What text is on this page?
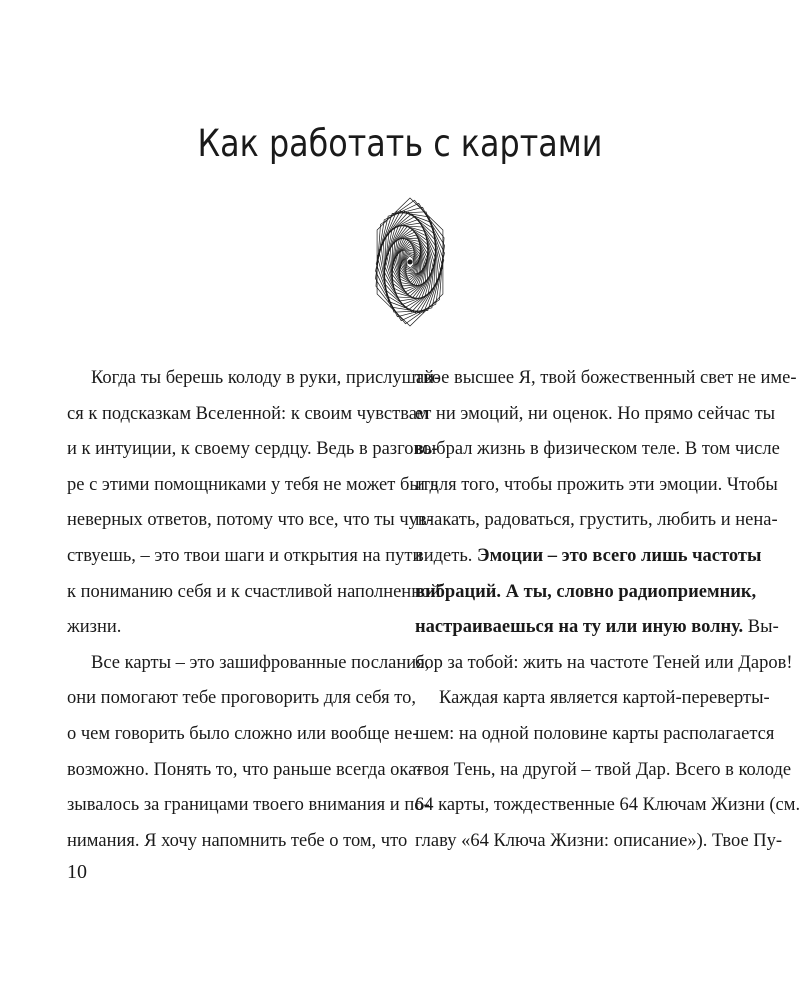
Как работать с картами
Когда ты берешь колоду в руки, прислушай-
ся к подсказкам Вселенной: к своим чувствам
и к интуиции, к своему сердцу. Ведь в разгово-
ре с этими помощниками у тебя не может быть
неверных ответов, потому что все, что ты чув-
ствуешь, – это твои шаги и открытия на пути
к пониманию себя и к счастливой наполненной
жизни.
Все карты – это зашифрованные послания,
они помогают тебе проговорить для себя то,
о чем говорить было сложно или вообще не-
возможно. Понять то, что раньше всегда ока-
зывалось за границами твоего внимания и по-
нимания. Я хочу напомнить тебе о том, что
твое высшее Я, твой божественный свет не име-
ет ни эмоций, ни оценок. Но прямо сейчас ты
выбрал жизнь в физическом теле. В том числе
и для того, чтобы прожить эти эмоции. Чтобы
плакать, радоваться, грустить, любить и нена-
видеть. Эмоции – это всего лишь частоты
вибраций. А ты, словно радиоприемник,
настраиваешься на ту или иную волну. Вы-
бор за тобой: жить на частоте Теней или Даров!
Каждая карта является картой-переверты-
шем: на одной половине карты располагается
твоя Тень, на другой – твой Дар. Всего в колоде
64 карты, тождественные 64 Ключам Жизни (см.
главу «64 Ключа Жизни: описание»). Твое Пу-
10
